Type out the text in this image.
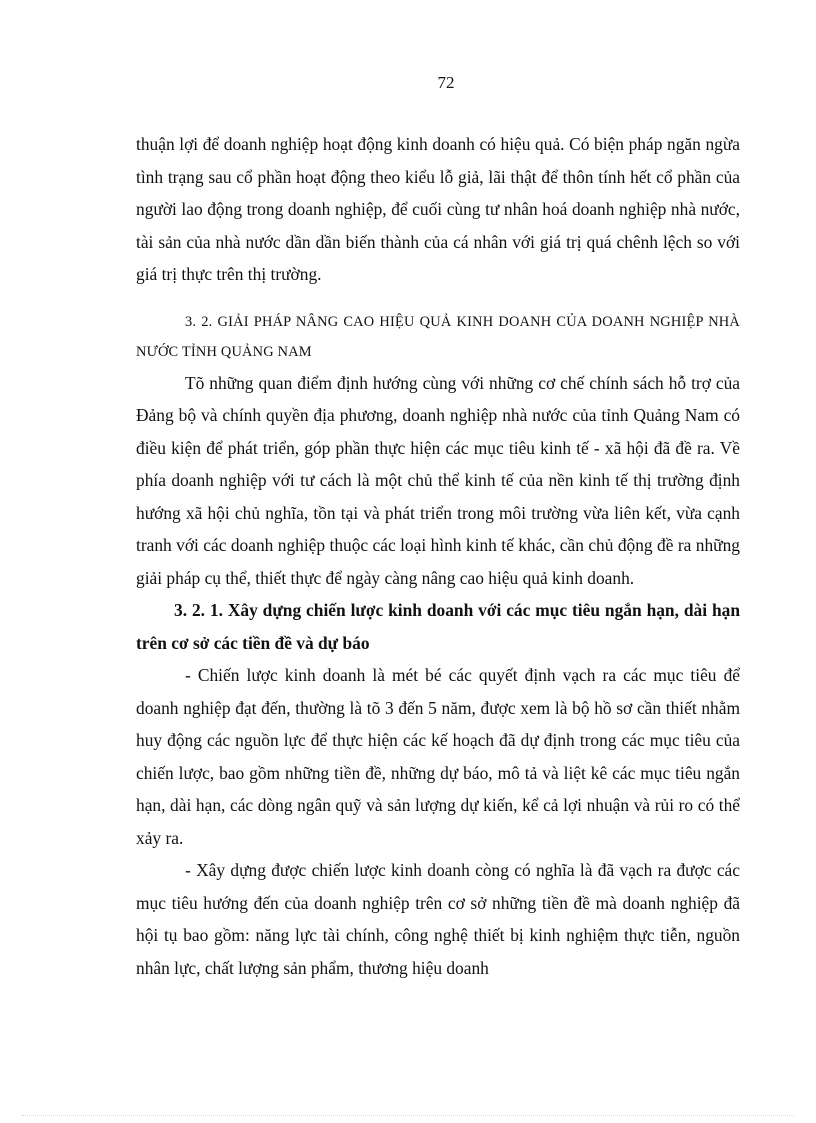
72

thuận lợi để doanh nghiệp hoạt động kinh doanh có hiệu quả. Có biện pháp ngăn ngừa tình trạng sau cổ phần hoạt động theo kiểu lỗ giả, lãi thật để thôn tính hết cổ phần của người lao động trong doanh nghiệp, để cuối cùng tư nhân hoá doanh nghiệp nhà nước, tài sản của nhà nước dần dần biến thành của cá nhân với giá trị quá chênh lệch so với giá trị thực trên thị trường.

3. 2. GIẢI PHÁP NÂNG CAO HIỆU QUẢ KINH DOANH CỦA DOANH NGHIỆP NHÀ NƯỚC TỈNH QUẢNG NAM

Tõ những quan điểm định hướng cùng với những cơ chế chính sách hỗ trợ của Đảng bộ và chính quyền địa phương, doanh nghiệp nhà nước của tỉnh Quảng Nam có điều kiện để phát triển, góp phần thực hiện các mục tiêu kinh tế - xã hội đã đề ra. Về phía doanh nghiệp với tư cách là một chủ thể kinh tế của nền kinh tế thị trường định hướng xã hội chủ nghĩa, tồn tại và phát triển trong môi trường vừa liên kết, vừa cạnh tranh với các doanh nghiệp thuộc các loại hình kinh tế khác, cần chủ động đề ra những giải pháp cụ thể, thiết thực để ngày càng nâng cao hiệu quả kinh doanh.

3. 2. 1. Xây dựng chiến lược kinh doanh với các mục tiêu ngắn hạn, dài hạn trên cơ sở các tiền đề và dự báo

- Chiến lược kinh doanh là mét bé các quyết định vạch ra các mục tiêu để doanh nghiệp đạt đến, thường là tõ 3 đến 5 năm, được xem là bộ hồ sơ cần thiết nhằm huy động các nguồn lực để thực hiện các kế hoạch đã dự định trong các mục tiêu của chiến lược, bao gồm những tiền đề, những dự báo, mô tả và liệt kê các mục tiêu ngắn hạn, dài hạn, các dòng ngân quỹ và sản lượng dự kiến, kể cả lợi nhuận và rủi ro có thể xảy ra.

- Xây dựng được chiến lược kinh doanh còng có nghĩa là đã vạch ra được các mục tiêu hướng đến của doanh nghiệp trên cơ sở những tiền đề mà doanh nghiệp đã hội tụ bao gồm: năng lực tài chính, công nghệ thiết bị kinh nghiệm thực tiễn, nguồn nhân lực, chất lượng sản phẩm, thương hiệu doanh
